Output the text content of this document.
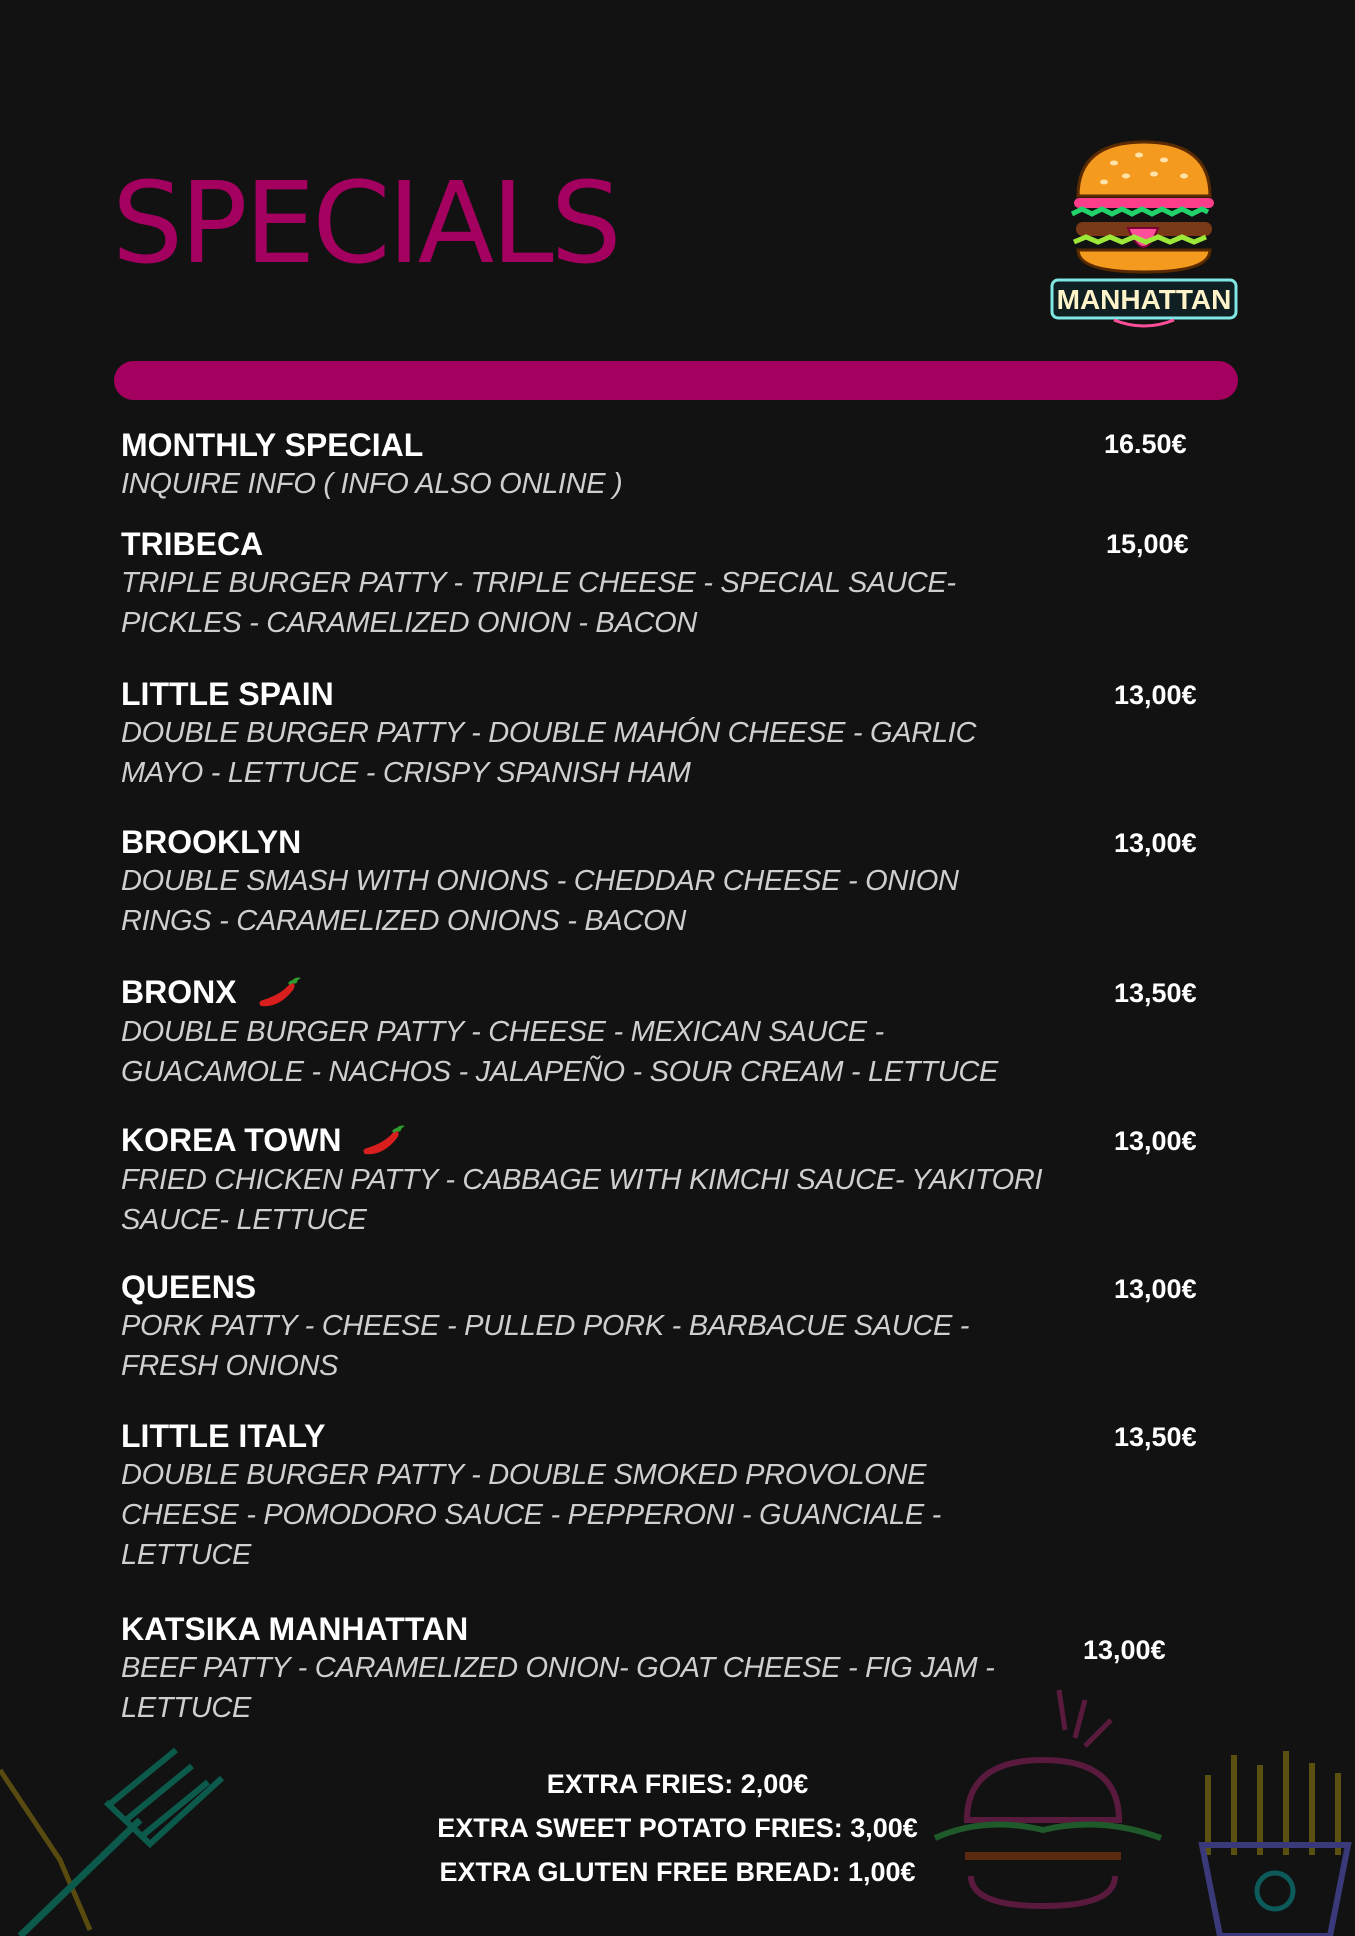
SPECIALS
MANHATTAN
MONTHLY SPECIAL
INQUIRE INFO ( INFO ALSO ONLINE )
16.50€
TRIBECA
TRIPLE BURGER PATTY - TRIPLE CHEESE - SPECIAL SAUCE-
PICKLES - CARAMELIZED ONION - BACON
15,00€
LITTLE SPAIN
DOUBLE BURGER PATTY - DOUBLE MAHÓN CHEESE - GARLIC
MAYO - LETTUCE - CRISPY SPANISH HAM
13,00€
BROOKLYN
DOUBLE SMASH WITH ONIONS - CHEDDAR CHEESE - ONION
RINGS - CARAMELIZED ONIONS - BACON
13,00€
BRONX
DOUBLE BURGER PATTY - CHEESE - MEXICAN SAUCE -
GUACAMOLE - NACHOS - JALAPEÑO - SOUR CREAM - LETTUCE
13,50€
KOREA TOWN
FRIED CHICKEN PATTY - CABBAGE WITH KIMCHI SAUCE- YAKITORI
SAUCE- LETTUCE
13,00€
QUEENS
PORK PATTY - CHEESE - PULLED PORK - BARBACUE SAUCE -
FRESH ONIONS
13,00€
LITTLE ITALY
DOUBLE BURGER PATTY - DOUBLE SMOKED PROVOLONE
CHEESE - POMODORO SAUCE - PEPPERONI - GUANCIALE -
LETTUCE
13,50€
KATSIKA MANHATTAN
BEEF PATTY - CARAMELIZED ONION- GOAT CHEESE - FIG JAM -
LETTUCE
13,00€
EXTRA FRIES: 2,00€
EXTRA SWEET POTATO FRIES: 3,00€
EXTRA GLUTEN FREE BREAD: 1,00€
